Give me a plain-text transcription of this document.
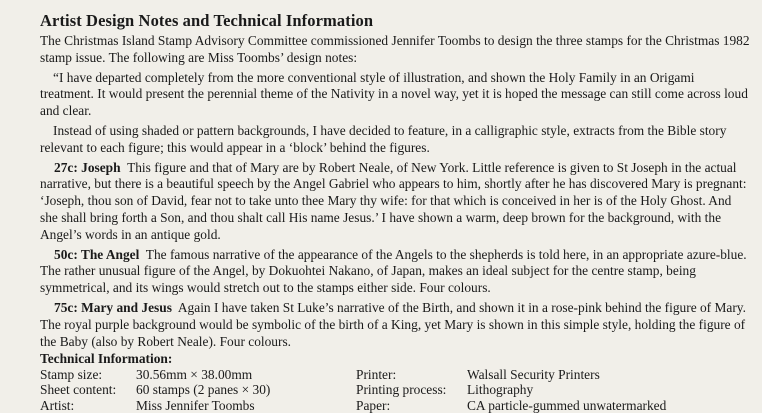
Artist Design Notes and Technical Information

The Christmas Island Stamp Advisory Committee commissioned Jennifer Toombs to design the three stamps for the Christmas 1982 stamp issue. The following are Miss Toombs’ design notes:

“I have departed completely from the more conventional style of illustration, and shown the Holy Family in an Origami treatment. It would present the perennial theme of the Nativity in a novel way, yet it is hoped the message can still come across loud and clear.

Instead of using shaded or pattern backgrounds, I have decided to feature, in a calligraphic style, extracts from the Bible story relevant to each figure; this would appear in a ‘block’ behind the figures.

27c: Joseph This figure and that of Mary are by Robert Neale, of New York. Little reference is given to St Joseph in the actual narrative, but there is a beautiful speech by the Angel Gabriel who appears to him, shortly after he has discovered Mary is pregnant: ‘Joseph, thou son of David, fear not to take unto thee Mary thy wife: for that which is conceived in her is of the Holy Ghost. And she shall bring forth a Son, and thou shalt call His name Jesus.’ I have shown a warm, deep brown for the background, with the Angel’s words in an antique gold.

50c: The Angel The famous narrative of the appearance of the Angels to the shepherds is told here, in an appropriate azure-blue. The rather unusual figure of the Angel, by Dokuohtei Nakano, of Japan, makes an ideal subject for the centre stamp, being symmetrical, and its wings would stretch out to the stamps either side. Four colours.

75c: Mary and Jesus Again I have taken St Luke’s narrative of the Birth, and shown it in a rose-pink behind the figure of Mary. The royal purple background would be symbolic of the birth of a King, yet Mary is shown in this simple style, holding the figure of the Baby (also by Robert Neale). Four colours.

Technical Information:

Stamp size:	30.56mm × 38.00mm	Printer:	Walsall Security Printers
Sheet content:	60 stamps (2 panes × 30)	Printing process:	Lithography
Artist:	Miss Jennifer Toombs	Paper:	CA particle-gummed unwatermarked
